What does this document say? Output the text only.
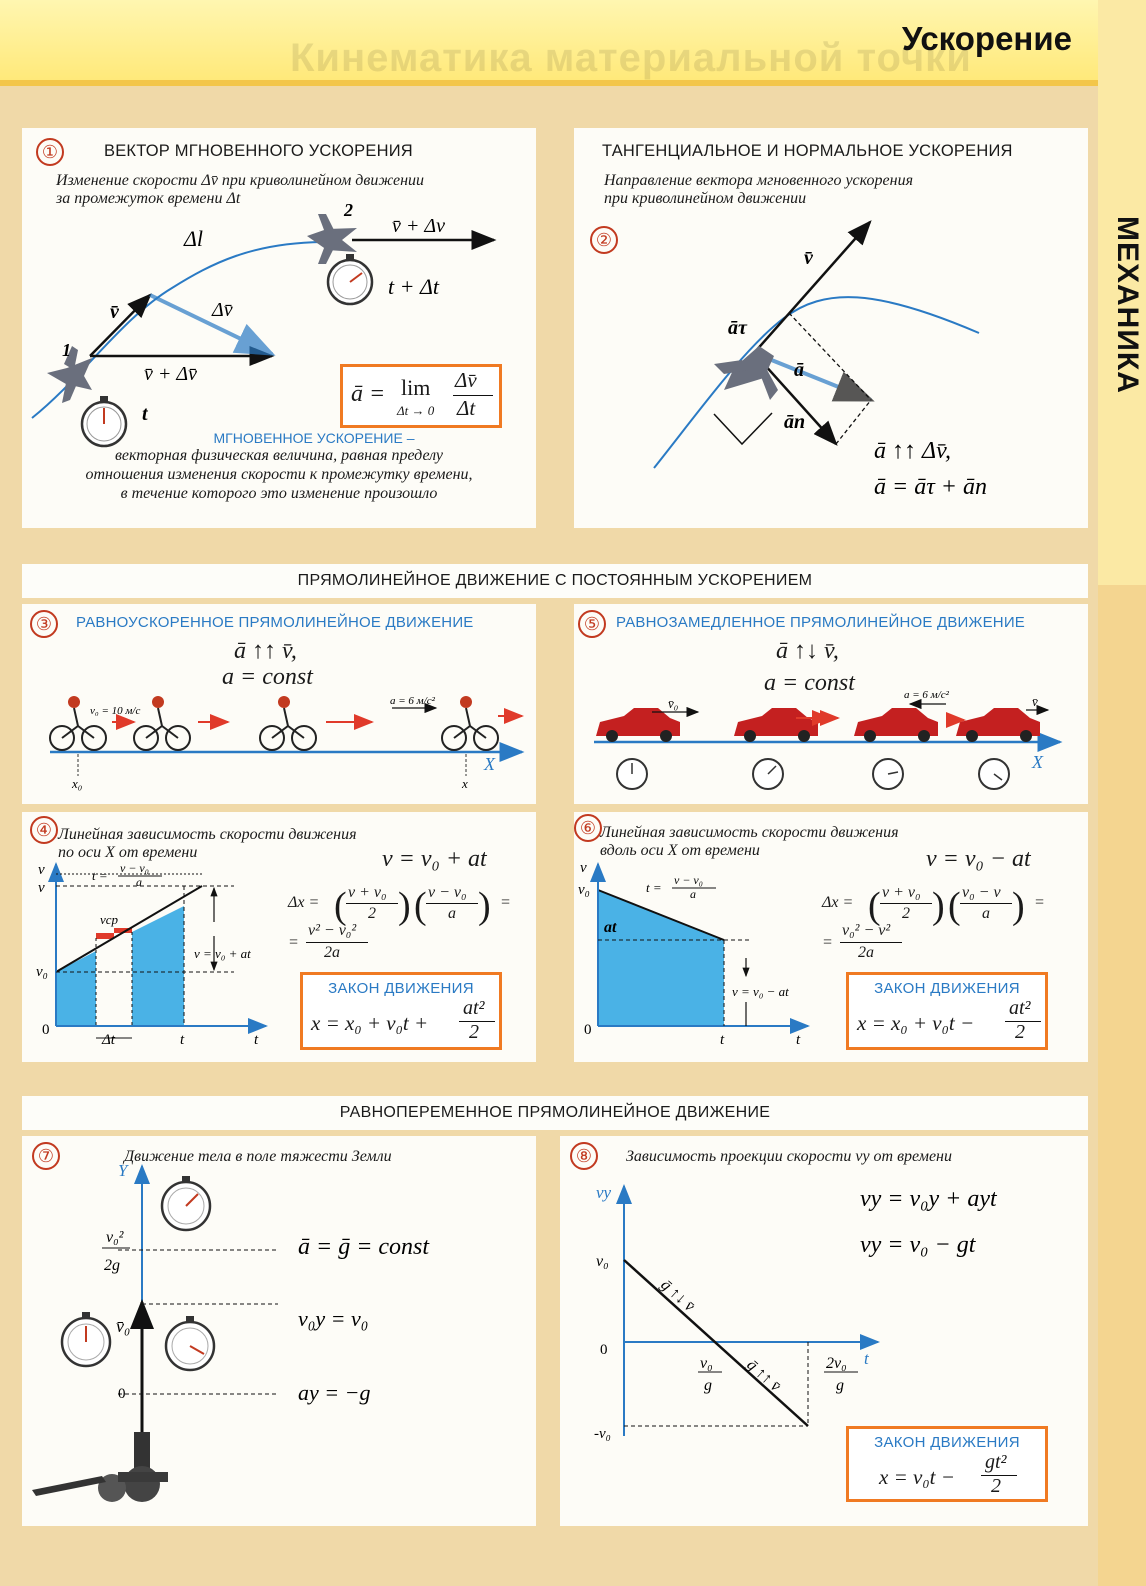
Кинематика материальной точки
Ускорение
МЕХАНИКА
①	ВЕКТОР МГНОВЕННОГО УСКОРЕНИЯ
Изменение скорости Δv̄ при криволинейном движении
за промежуток времени Δt
1
2
Δl
v̄	Δv̄
v̄ + Δv̄
v̄ + Δv
t
t + Δt
ā = lim
Δt → 0
Δv̄
Δt
МГНОВЕННОЕ УСКОРЕНИЕ –
векторная физическая величина, равная пределу
отношения изменения скорости к промежутку времени,
в течение которого это изменение произошло
ТАНГЕНЦИАЛЬНОЕ И НОРМАЛЬНОЕ УСКОРЕНИЯ
Направление вектора мгновенного ускорения
при криволинейном движении
②
v̄
āτ
ā
ān
ā ↑↑ Δv̄,
ā = āτ + ān
ПРЯМОЛИНЕЙНОЕ ДВИЖЕНИЕ С ПОСТОЯННЫМ УСКОРЕНИЕМ
③	РАВНОУСКОРЕННОЕ ПРЯМОЛИНЕЙНОЕ ДВИЖЕНИЕ
ā ↑↑ v̄,
a = const
v₀ = 10 м/с
a = 6 м/с²
x₀	x
X
⑤	РАВНОЗАМЕДЛЕННОЕ ПРЯМОЛИНЕЙНОЕ ДВИЖЕНИЕ
ā ↑↓ v̄,
a = const
v̄₀
a = 6 м/с²	v̄
X
④ Линейная зависимость скорости движения
по оси X от времени	v = v₀ + at
v
v
v₀
0
t	t
Δt
vср
t = v − v₀
a
v = v₀ + at
Δx = ( v + v₀
2 ) ( v − v₀
a ) =
=
v² − v₀²
2a
ЗАКОН ДВИЖЕНИЯ
x = x₀ + v₀t +
at²
2
⑥ Линейная зависимость скорости движения
вдоль оси X от времени	v = v₀ − at
v
v₀
at
0
t	t
t = v − v₀
a
v = v₀ − at
Δx = ( v + v₀
2 ) ( v₀ − v
a ) =
=
v₀² − v²
2a
ЗАКОН ДВИЖЕНИЯ
x = x₀ + v₀t −
at²
2
РАВНОПЕРЕМЕННОЕ ПРЯМОЛИНЕЙНОЕ ДВИЖЕНИЕ
⑦	Движение тела в поле тяжести Земли
Y
v₀²
2g
v̄₀
0
ā = ḡ = const
v₀y = v₀
ay = −g
⑧	Зависимость проекции скорости vy от времени
vy
t
v₀
0
-v₀
v₀
g
2v₀
g
ḡ ↑↓ v̄
ḡ ↑↑ v̄
vy = v₀y + ayt
vy = v₀ − gt
ЗАКОН ДВИЖЕНИЯ
x = v₀t −
gt²
2
